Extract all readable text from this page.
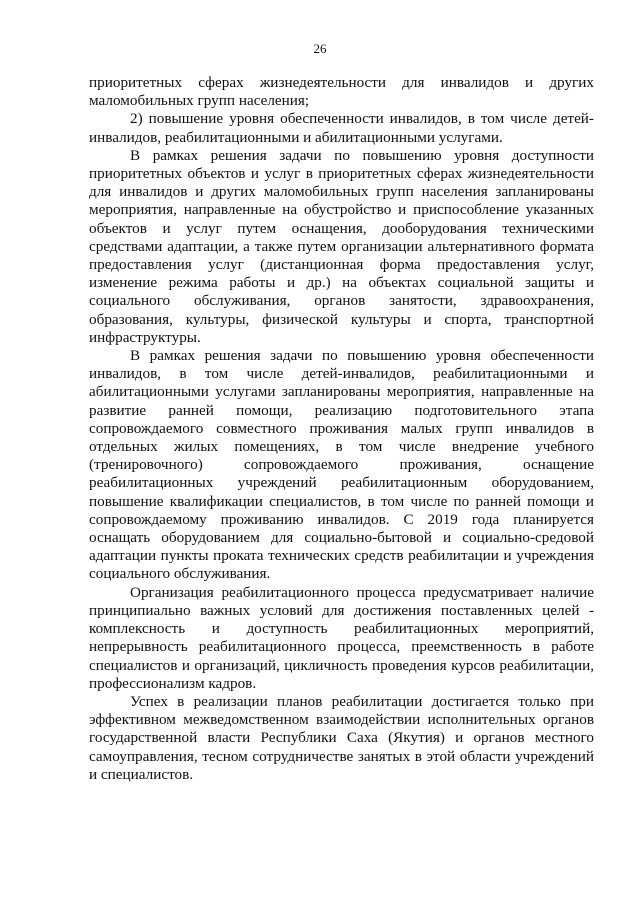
26

приоритетных сферах жизнедеятельности для инвалидов и других маломобильных групп населения;

2) повышение уровня обеспеченности инвалидов, в том числе детей-инвалидов, реабилитационными и абилитационными услугами.

В рамках решения задачи по повышению уровня доступности приоритетных объектов и услуг в приоритетных сферах жизнедеятельности для инвалидов и других маломобильных групп населения запланированы мероприятия, направленные на обустройство и приспособление указанных объектов и услуг путем оснащения, дооборудования техническими средствами адаптации, а также путем организации альтернативного формата предоставления услуг (дистанционная форма предоставления услуг, изменение режима работы и др.) на объектах социальной защиты и социального обслуживания, органов занятости, здравоохранения, образования, культуры, физической культуры и спорта, транспортной инфраструктуры.

В рамках решения задачи по повышению уровня обеспеченности инвалидов, в том числе детей-инвалидов, реабилитационными и абилитационными услугами запланированы мероприятия, направленные на развитие ранней помощи, реализацию подготовительного этапа сопровождаемого совместного проживания малых групп инвалидов в отдельных жилых помещениях, в том числе внедрение учебного (тренировочного) сопровождаемого проживания, оснащение реабилитационных учреждений реабилитационным оборудованием, повышение квалификации специалистов, в том числе по ранней помощи и сопровождаемому проживанию инвалидов. С 2019 года планируется оснащать оборудованием для социально-бытовой и социально-средовой адаптации пункты проката технических средств реабилитации и учреждения социального обслуживания.

Организация реабилитационного процесса предусматривает наличие принципиально важных условий для достижения поставленных целей - комплексность и доступность реабилитационных мероприятий, непрерывность реабилитационного процесса, преемственность в работе специалистов и организаций, цикличность проведения курсов реабилитации, профессионализм кадров.

Успех в реализации планов реабилитации достигается только при эффективном межведомственном взаимодействии исполнительных органов государственной власти Республики Саха (Якутия) и органов местного самоуправления, тесном сотрудничестве занятых в этой области учреждений и специалистов.
